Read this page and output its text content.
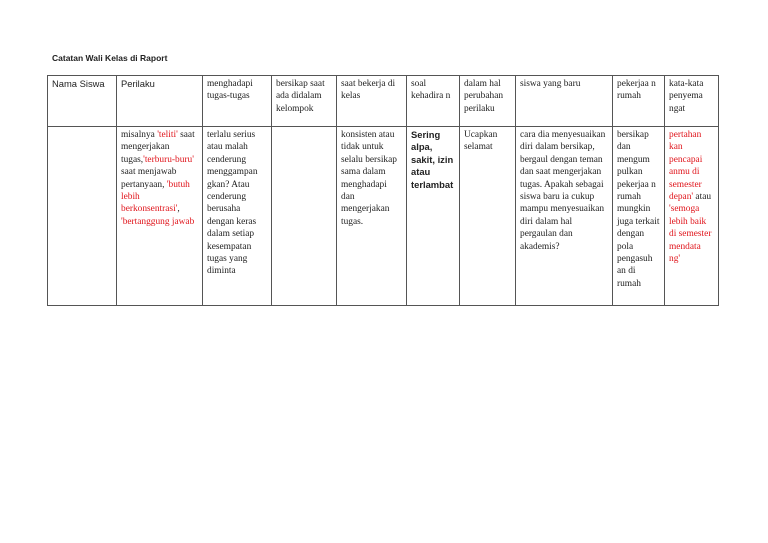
Catatan Wali Kelas di Raport
Nama Siswa	Perilaku	menghadapi tugas-tugas	bersikap saat ada didalam kelompok	saat bekerja di kelas	soal kehadira n	dalam hal perubahan perilaku	siswa yang baru	pekerjaa n rumah	kata-kata penyema ngat
	misalnya 'teliti' saat mengerjakan tugas,'terburu-buru' saat menjawab pertanyaan, 'butuh lebih berkonsentrasi', 'bertanggung jawab	terlalu serius atau malah cenderung menggampan gkan? Atau cenderung berusaha dengan keras dalam setiap kesempatan tugas yang diminta		konsisten atau tidak untuk selalu bersikap sama dalam menghadapi dan mengerjakan tugas.	Sering alpa, sakit, izin atau terlambat	Ucapkan selamat	cara dia menyesuaikan diri dalam bersikap, bergaul dengan teman dan saat mengerjakan tugas. Apakah sebagai siswa baru ia cukup mampu menyesuaikan diri dalam hal pergaulan dan akademis?	bersikap dan mengum pulkan pekerjaa n rumah mungkin juga terkait dengan pola pengasuh an di rumah	pertahan kan pencapai anmu di semester depan' atau 'semoga lebih baik di semester mendata ng'
